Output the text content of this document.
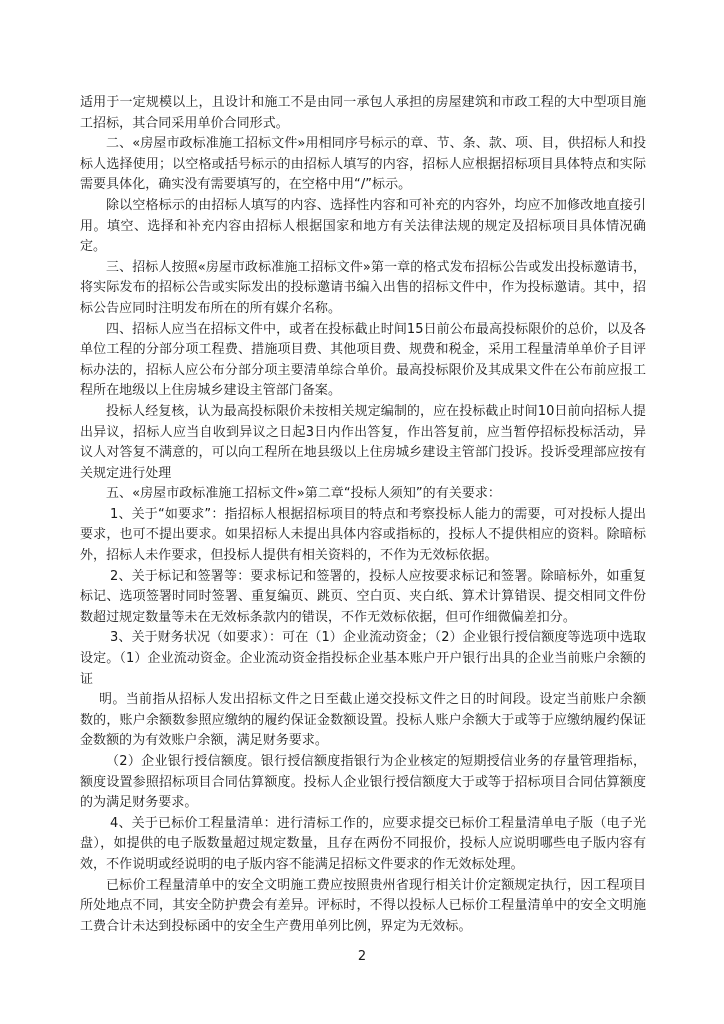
适用于一定规模以上，且设计和施工不是由同一承包人承担的房屋建筑和市政工程的大中型项目施工招标，其合同采用单价合同形式。

二、«房屋市政标准施工招标文件»用相同序号标示的章、节、条、款、项、目，供招标人和投标人选择使用；以空格或括号标示的由招标人填写的内容，招标人应根据招标项目具体特点和实际需要具体化，确实没有需要填写的，在空格中用“/”标示。

除以空格标示的由招标人填写的内容、选择性内容和可补充的内容外，均应不加修改地直接引用。填空、选择和补充内容由招标人根据国家和地方有关法律法规的规定及招标项目具体情况确定。

三、招标人按照«房屋市政标准施工招标文件»第一章的格式发布招标公告或发出投标邀请书，将实际发布的招标公告或实际发出的投标邀请书编入出售的招标文件中，作为投标邀请。其中，招标公告应同时注明发布所在的所有媒介名称。

四、招标人应当在招标文件中，或者在投标截止时间15日前公布最高投标限价的总价，以及各单位工程的分部分项工程费、措施项目费、其他项目费、规费和税金，采用工程量清单单价子目评标办法的，招标人应公布分部分项主要清单综合单价。最高投标限价及其成果文件在公布前应报工程所在地级以上住房城乡建设主管部门备案。

投标人经复核，认为最高投标限价未按相关规定编制的，应在投标截止时间10日前向招标人提出异议，招标人应当自收到异议之日起3日内作出答复，作出答复前，应当暂停招标投标活动，异议人对答复不满意的，可以向工程所在地县级以上住房城乡建设主管部门投诉。投诉受理部应按有关规定进行处理

五、«房屋市政标准施工招标文件»第二章“投标人须知”的有关要求：

1、关于“如要求”：指招标人根据招标项目的特点和考察投标人能力的需要，可对投标人提出要求，也可不提出要求。如果招标人未提出具体内容或指标的，投标人不提供相应的资料。除暗标外，招标人未作要求，但投标人提供有相关资料的，不作为无效标依据。

2、关于标记和签署等：要求标记和签署的，投标人应按要求标记和签署。除暗标外，如重复标记、选项签署时同时签署、重复编页、跳页、空白页、夹白纸、算术计算错误、提交相同文件份数超过规定数量等未在无效标条款内的错误，不作无效标依据，但可作细微偏差扣分。

3、关于财务状况（如要求）：可在（1）企业流动资金；（2）企业银行授信额度等选项中选取设定。（1）企业流动资金。企业流动资金指投标企业基本账户开户银行出具的企业当前账户余额的证

明。当前指从招标人发出招标文件之日至截止递交投标文件之日的时间段。设定当前账户余额数的，账户余额数参照应缴纳的履约保证金数额设置。投标人账户余额大于或等于应缴纳履约保证金数额的为有效账户余额，满足财务要求。

（2）企业银行授信额度。银行授信额度指银行为企业核定的短期授信业务的存量管理指标，额度设置参照招标项目合同估算额度。投标人企业银行授信额度大于或等于招标项目合同估算额度的为满足财务要求。

4、关于已标价工程量清单：进行清标工作的，应要求提交已标价工程量清单电子版（电子光盘），如提供的电子版数量超过规定数量，且存在两份不同报价，投标人应说明哪些电子版内容有效，不作说明或经说明的电子版内容不能满足招标文件要求的作无效标处理。

已标价工程量清单中的安全文明施工费应按照贵州省现行相关计价定额规定执行，因工程项目所处地点不同，其安全防护费会有差异。评标时，不得以投标人已标价工程量清单中的安全文明施工费合计未达到投标函中的安全生产费用单列比例，界定为无效标。

2
